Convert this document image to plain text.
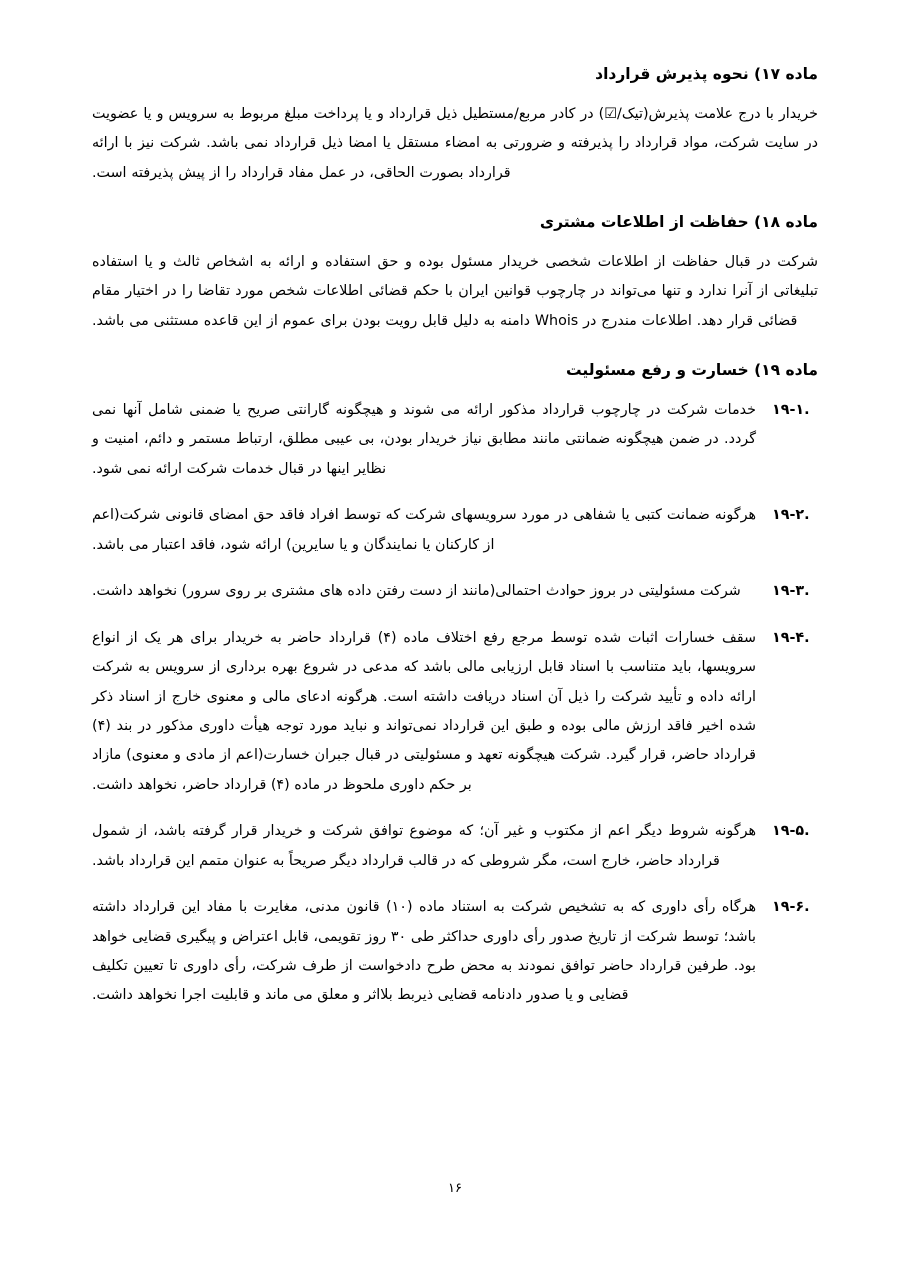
ماده ۱۷) نحوه پذیرش قرارداد

خریدار با درج علامت پذیرش(تیک/☑) در کادر مربع/مستطیل ذیل قرارداد و یا پرداخت مبلغ مربوط به سرویس و یا عضویت در سایت شرکت، مواد قرارداد را پذیرفته و ضرورتی به امضاء مستقل یا امضا ذیل قرارداد نمی باشد. شرکت نیز با ارائه قرارداد بصورت الحاقی، در عمل مفاد قرارداد را از پیش پذیرفته است.

ماده ۱۸) حفاظت از اطلاعات مشتری

شرکت در قبال حفاظت از اطلاعات شخصی خریدار مسئول بوده و حق استفاده و ارائه به اشخاص ثالث و یا استفاده تبلیغاتی از آنرا ندارد و تنها می‌تواند در چارچوب قوانین ایران با حکم قضائی اطلاعات شخص مورد تقاضا را در اختیار مقام قضائی قرار دهد. اطلاعات مندرج در Whois دامنه به دلیل قابل رویت بودن برای عموم از این قاعده مستثنی می باشد.

ماده ۱۹) خسارت و رفع مسئولیت
۱۹-۱.
خدمات شرکت در چارچوب قرارداد مذکور ارائه می شوند و هیچگونه گارانتی صریح یا ضمنی شامل آنها نمی گردد. در ضمن هیچگونه ضمانتی مانند مطابق نیاز خریدار بودن، بی عیبی مطلق، ارتباط مستمر و دائم، امنیت و نظایر اینها در قبال خدمات شرکت ارائه نمی شود.
۱۹-۲.
هرگونه ضمانت کتبی یا شفاهی در مورد سرویسهای شرکت که توسط افراد فاقد حق امضای قانونی شرکت(اعم از کارکنان یا نمایندگان و یا سایرین) ارائه شود، فاقد اعتبار می باشد.
۱۹-۳.
شرکت مسئولیتی در بروز حوادث احتمالی(مانند از دست رفتن داده های مشتری بر روی سرور) نخواهد داشت.
۱۹-۴.
سقف خسارات اثبات شده توسط مرجع رفع اختلاف ماده (۴) قرارداد حاضر به خریدار برای هر یک از انواع سرویسها، باید متناسب با اسناد قابل ارزیابی مالی باشد که مدعی در شروع بهره برداری از سرویس به شرکت ارائه داده و تأیید شرکت را ذیل آن اسناد دریافت داشته است. هرگونه ادعای مالی و معنوی خارج از اسناد ذکر شده اخیر فاقد ارزش مالی بوده و طبق این قرارداد نمی‌تواند و نباید مورد توجه هیأت داوری مذکور در بند (۴) قرارداد حاضر، قرار گیرد. شرکت هیچگونه تعهد و مسئولیتی در قبال جبران خسارت(اعم از مادی و معنوی) مازاد بر حکم داوری ملحوظ در ماده (۴) قرارداد حاضر، نخواهد داشت.
۱۹-۵.
هرگونه شروط دیگر اعم از مکتوب و غیر آن؛ که موضوع توافق شرکت و خریدار قرار گرفته باشد، از شمول قرارداد حاضر، خارج است، مگر شروطی که در قالب قرارداد دیگر صریحاً به عنوان متمم این قرارداد باشد.
۱۹-۶.
هرگاه رأی داوری که به تشخیص شرکت به استناد ماده (۱۰) قانون مدنی، مغایرت با مفاد این قرارداد داشته باشد؛ توسط شرکت از تاریخ صدور رأی داوری حداکثر طی ۳۰ روز تقویمی، قابل اعتراض و پیگیری قضایی خواهد بود. طرفین قرارداد حاضر توافق نمودند به محض طرح دادخواست از طرف شرکت، رأی داوری تا تعیین تکلیف قضایی و یا صدور دادنامه قضایی ذیربط بلااثر و معلق می ماند و قابلیت اجرا نخواهد داشت.
۱۶
